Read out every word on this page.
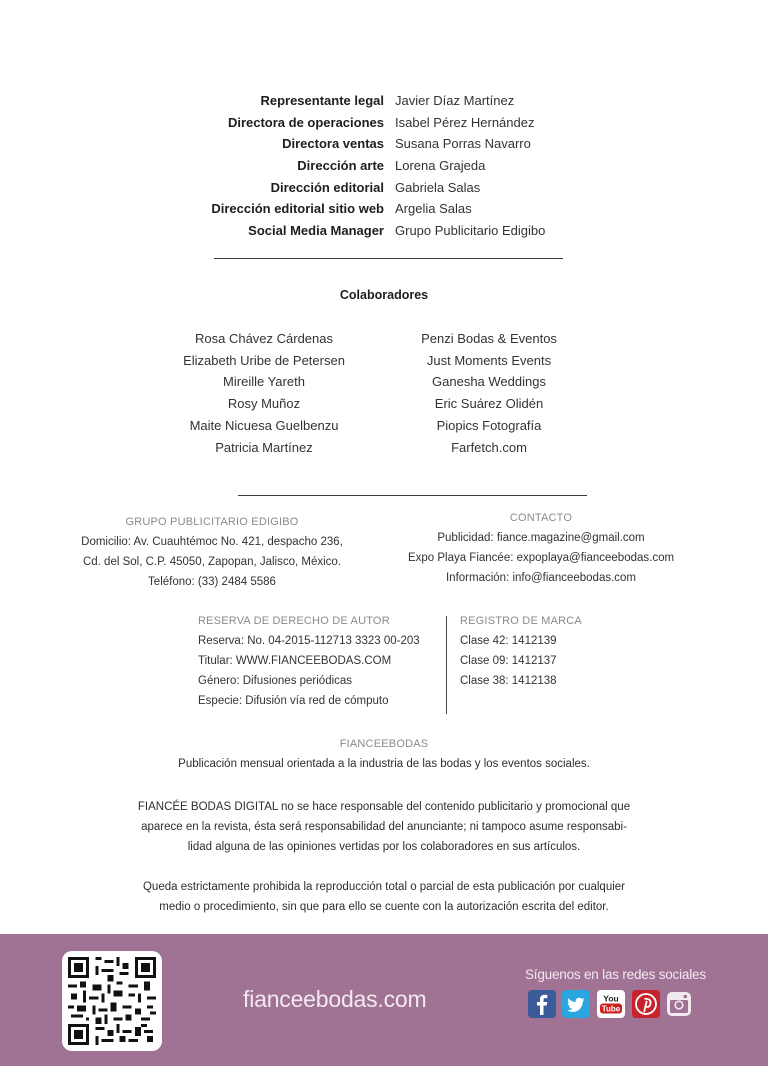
Representante legal Javier Díaz Martínez
Directora de operaciones Isabel Pérez Hernández
Directora ventas Susana Porras Navarro
Dirección arte Lorena Grajeda
Dirección editorial Gabriela Salas
Dirección editorial sitio web Argelia Salas
Social Media Manager Grupo Publicitario Edigibo
Colaboradores
Rosa Chávez Cárdenas
Elizabeth Uribe de Petersen
Mireille Yareth
Rosy Muñoz
Maite Nicuesa Guelbenzu
Patricia Martínez
Penzi Bodas & Eventos
Just Moments Events
Ganesha Weddings
Eric Suárez Olidén
Piopics Fotografía
Farfetch.com
GRUPO PUBLICITARIO EDIGIBO
Domicilio: Av. Cuauhtémoc No. 421, despacho 236,
Cd. del Sol, C.P. 45050, Zapopan, Jalisco, México.
Teléfono: (33) 2484 5586
CONTACTO
Publicidad: fiance.magazine@gmail.com
Expo Playa Fiancée: expoplaya@fianceebodas.com
Información: info@fianceebodas.com
RESERVA DE DERECHO DE AUTOR
Reserva: No. 04-2015-112713 3323 00-203
Titular: WWW.FIANCEEBODAS.COM
Género: Difusiones periódicas
Especie: Difusión vía red de cómputo
REGISTRO DE MARCA
Clase 42: 1412139
Clase 09: 1412137
Clase 38: 1412138
FIANCEEBODAS
Publicación mensual orientada a la industria de las bodas y los eventos sociales.
FIANCÉE BODAS DIGITAL no se hace responsable del contenido publicitario y promocional que
aparece en la revista, ésta será responsabilidad del anunciante; ni tampoco asume responsabi-
lidad alguna de las opiniones vertidas por los colaboradores en sus artículos.
Queda estrictamente prohibida la reproducción total o parcial de esta publicación por cualquier
medio o procedimiento, sin que para ello se cuente con la autorización escrita del editor.
fianceebodas.com
Síguenos en las redes sociales
You
Tube
